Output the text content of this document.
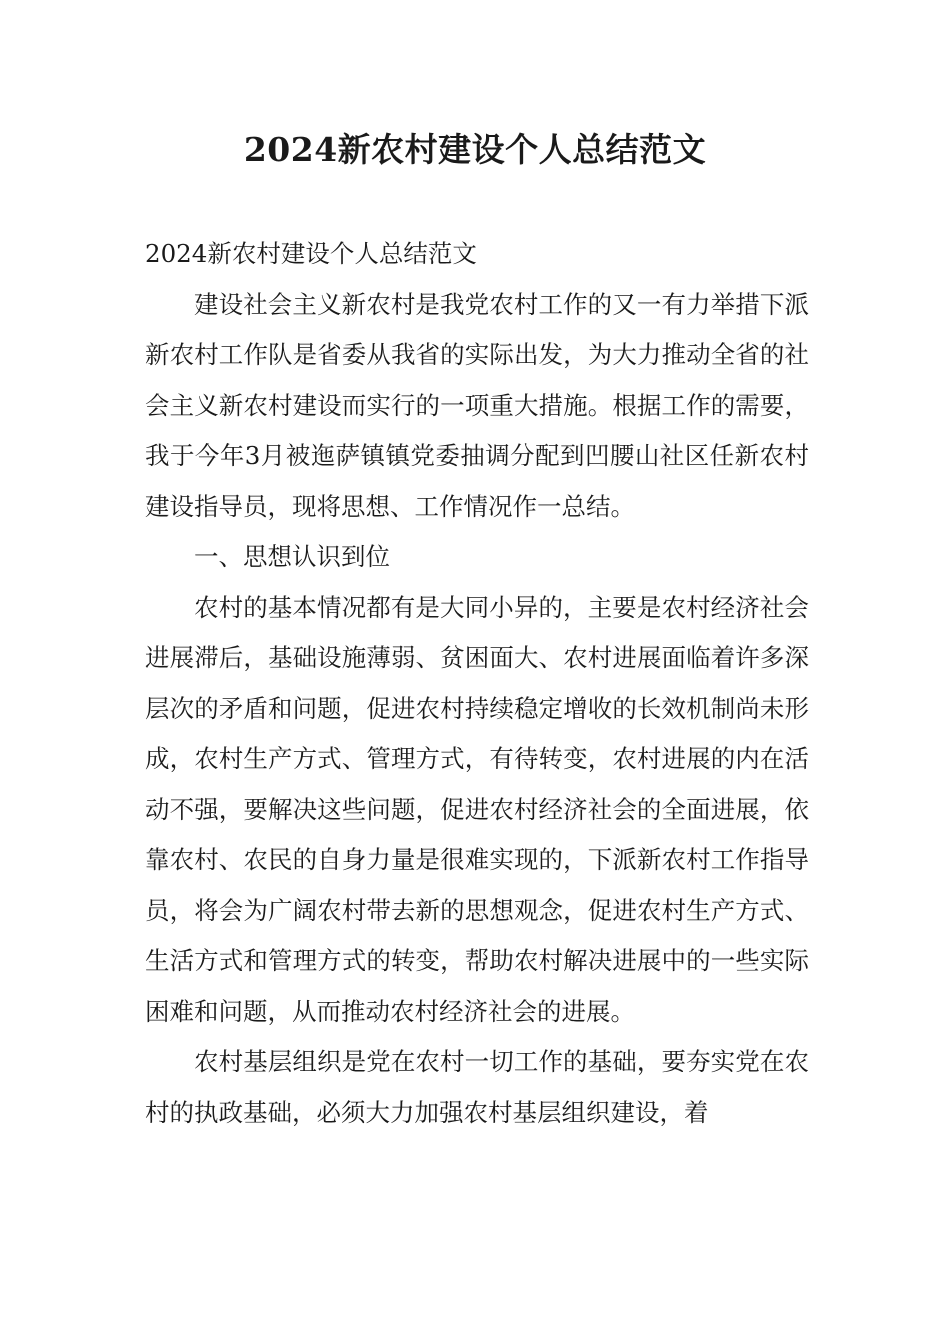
2024新农村建设个人总结范文

2024新农村建设个人总结范文

建设社会主义新农村是我党农村工作的又一有力举措下派新农村工作队是省委从我省的实际出发，为大力推动全省的社会主义新农村建设而实行的一项重大措施。根据工作的需要，我于今年3月被迤萨镇镇党委抽调分配到凹腰山社区任新农村建设指导员，现将思想、工作情况作一总结。

一、思想认识到位

农村的基本情况都有是大同小异的，主要是农村经济社会进展滞后，基础设施薄弱、贫困面大、农村进展面临着许多深层次的矛盾和问题，促进农村持续稳定增收的长效机制尚未形成，农村生产方式、管理方式，有待转变，农村进展的内在活动不强，要解决这些问题，促进农村经济社会的全面进展，依靠农村、农民的自身力量是很难实现的，下派新农村工作指导员，将会为广阔农村带去新的思想观念，促进农村生产方式、生活方式和管理方式的转变，帮助农村解决进展中的一些实际困难和问题，从而推动农村经济社会的进展。

农村基层组织是党在农村一切工作的基础，要夯实党在农村的执政基础，必须大力加强农村基层组织建设，着
